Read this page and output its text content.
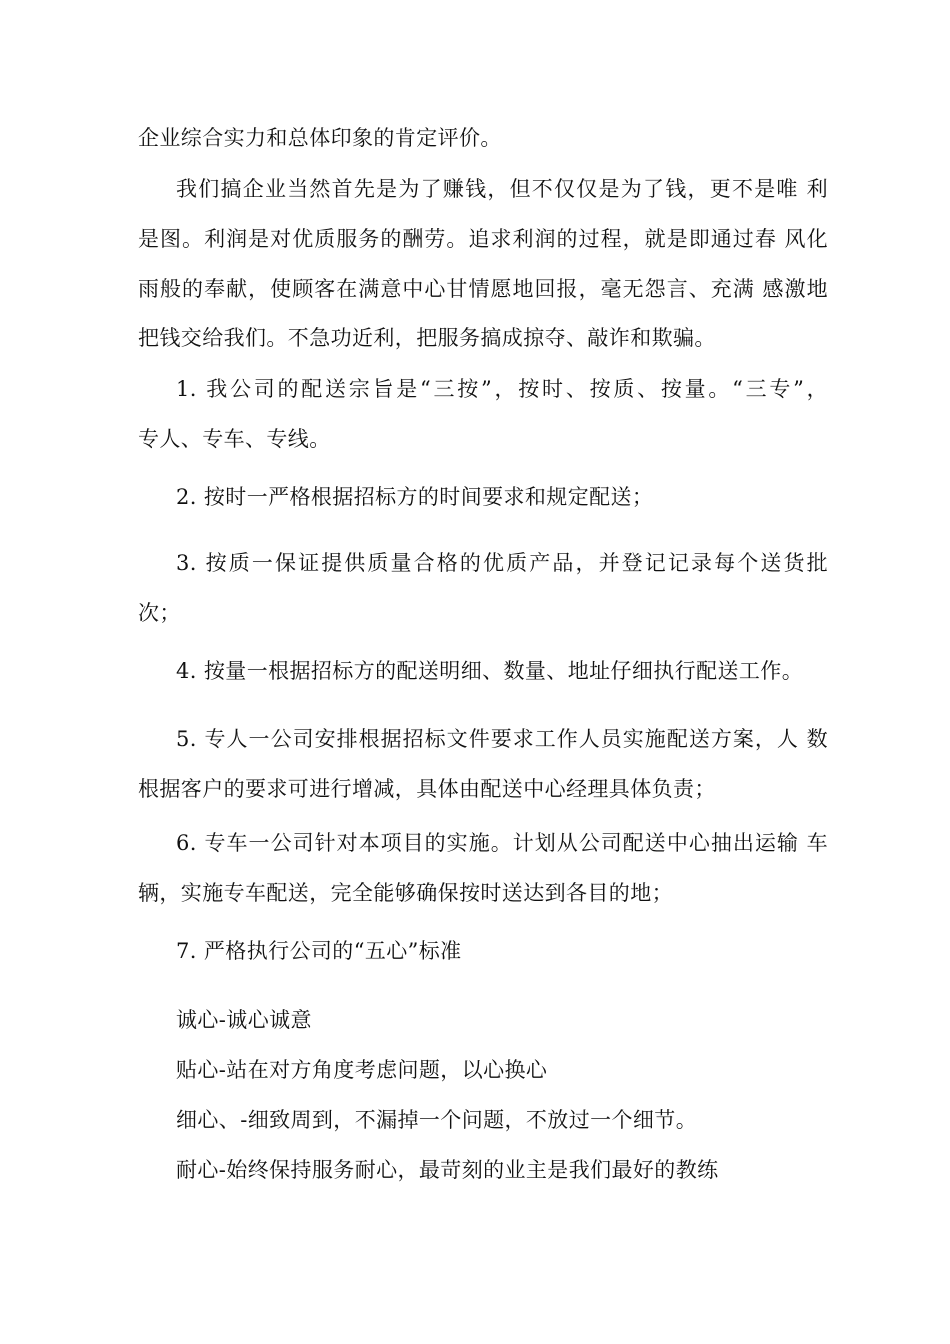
企业综合实力和总体印象的肯定评价。
我们搞企业当然首先是为了赚钱，但不仅仅是为了钱，更不是唯 利
是图。利润是对优质服务的酬劳。追求利润的过程，就是即通过春 风化
雨般的奉献，使顾客在满意中心甘情愿地回报，毫无怨言、充满 感激地
把钱交给我们。不急功近利，把服务搞成掠夺、敲诈和欺骗。
1. 我公司的配送宗旨是“三按”，按时、按质、按量。“三专”，
专人、专车、专线。
2. 按时一严格根据招标方的时间要求和规定配送；
3. 按质一保证提供质量合格的优质产品，并登记记录每个送货批
次；
4. 按量一根据招标方的配送明细、数量、地址仔细执行配送工作。
5. 专人一公司安排根据招标文件要求工作人员实施配送方案，人 数
根据客户的要求可进行增减，具体由配送中心经理具体负责；
6. 专车一公司针对本项目的实施。计划从公司配送中心抽出运输 车
辆，实施专车配送，完全能够确保按时送达到各目的地；
7. 严格执行公司的“五心”标准
诚心-诚心诚意
贴心-站在对方角度考虑问题，以心换心
细心、-细致周到，不漏掉一个问题，不放过一个细节。
耐心-始终保持服务耐心，最苛刻的业主是我们最好的教练
